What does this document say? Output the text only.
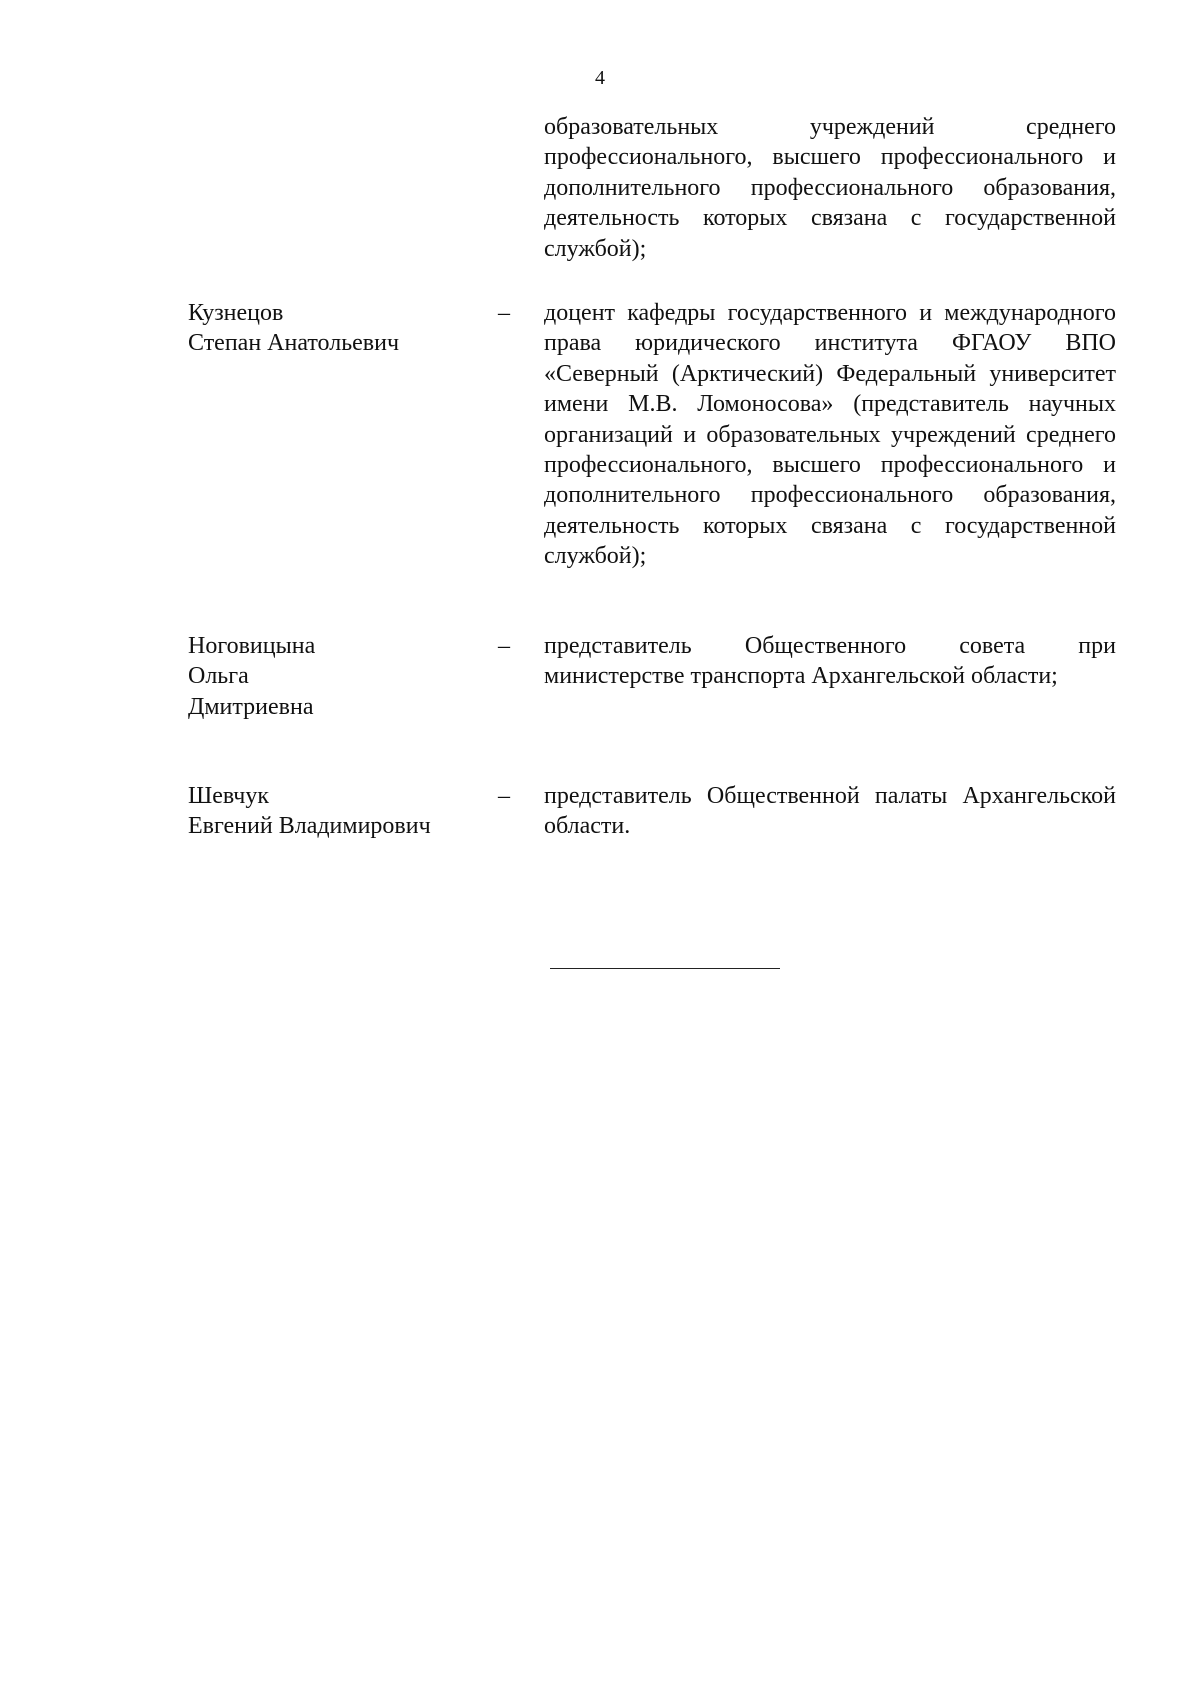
4
образовательных учреждений среднего профессионального, высшего профессионального и дополнительного профессионального образования, деятельность которых связана с государственной службой);
Кузнецов
Степан Анатольевич
– доцент кафедры государственного и международного права юридического института ФГАОУ ВПО «Северный (Арктический) Федеральный университет имени М.В. Ломоносова» (представитель научных организаций и образовательных учреждений среднего профессионального, высшего профессионального и дополнительного профессионального образования, деятельность которых связана с государственной службой);
Ноговицына
Ольга
Дмитриевна
– представитель Общественного совета при министерстве транспорта Архангельской области;
Шевчук
Евгений Владимирович
– представитель Общественной палаты Архангельской области.
